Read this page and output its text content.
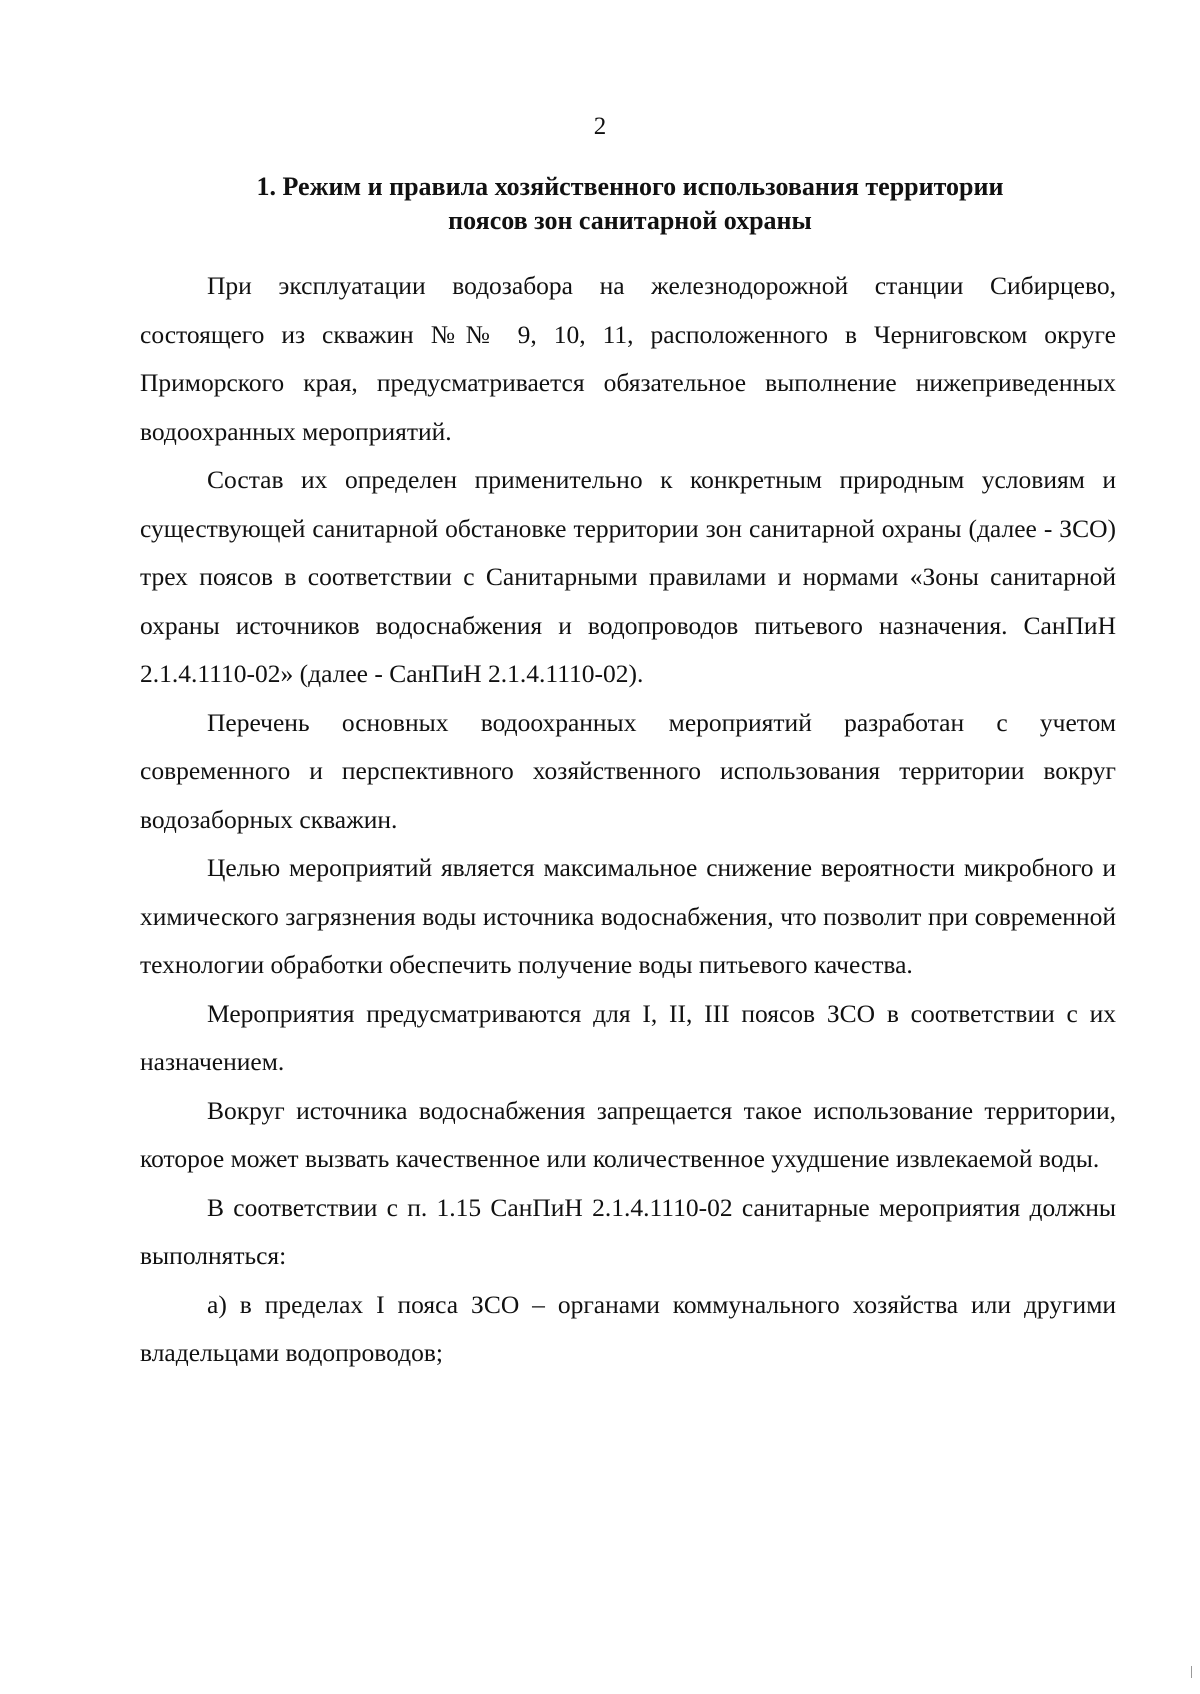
2
1. Режим и правила хозяйственного использования территории
поясов зон санитарной охраны

При эксплуатации водозабора на железнодорожной станции Сибирцево, состоящего из скважин №№ 9, 10, 11, расположенного в Черниговском округе Приморского края, предусматривается обязательное выполнение нижеприведенных водоохранных мероприятий.

Состав их определен применительно к конкретным природным условиям и существующей санитарной обстановке территории зон санитарной охраны (далее - ЗСО) трех поясов в соответствии с Санитарными правилами и нормами «Зоны санитарной охраны источников водоснабжения и водопроводов питьевого назначения. СанПиН 2.1.4.1110-02» (далее - СанПиН 2.1.4.1110-02).

Перечень основных водоохранных мероприятий разработан с учетом современного и перспективного хозяйственного использования территории вокруг водозаборных скважин.

Целью мероприятий является максимальное снижение вероятности микробного и химического загрязнения воды источника водоснабжения, что позволит при современной технологии обработки обеспечить получение воды питьевого качества.

Мероприятия предусматриваются для I, II, III поясов ЗСО в соответствии с их назначением.

Вокруг источника водоснабжения запрещается такое использование территории, которое может вызвать качественное или количественное ухудшение извлекаемой воды.

В соответствии с п. 1.15 СанПиН 2.1.4.1110-02 санитарные мероприятия должны выполняться:

а) в пределах I пояса ЗСО – органами коммунального хозяйства или другими владельцами водопроводов;
